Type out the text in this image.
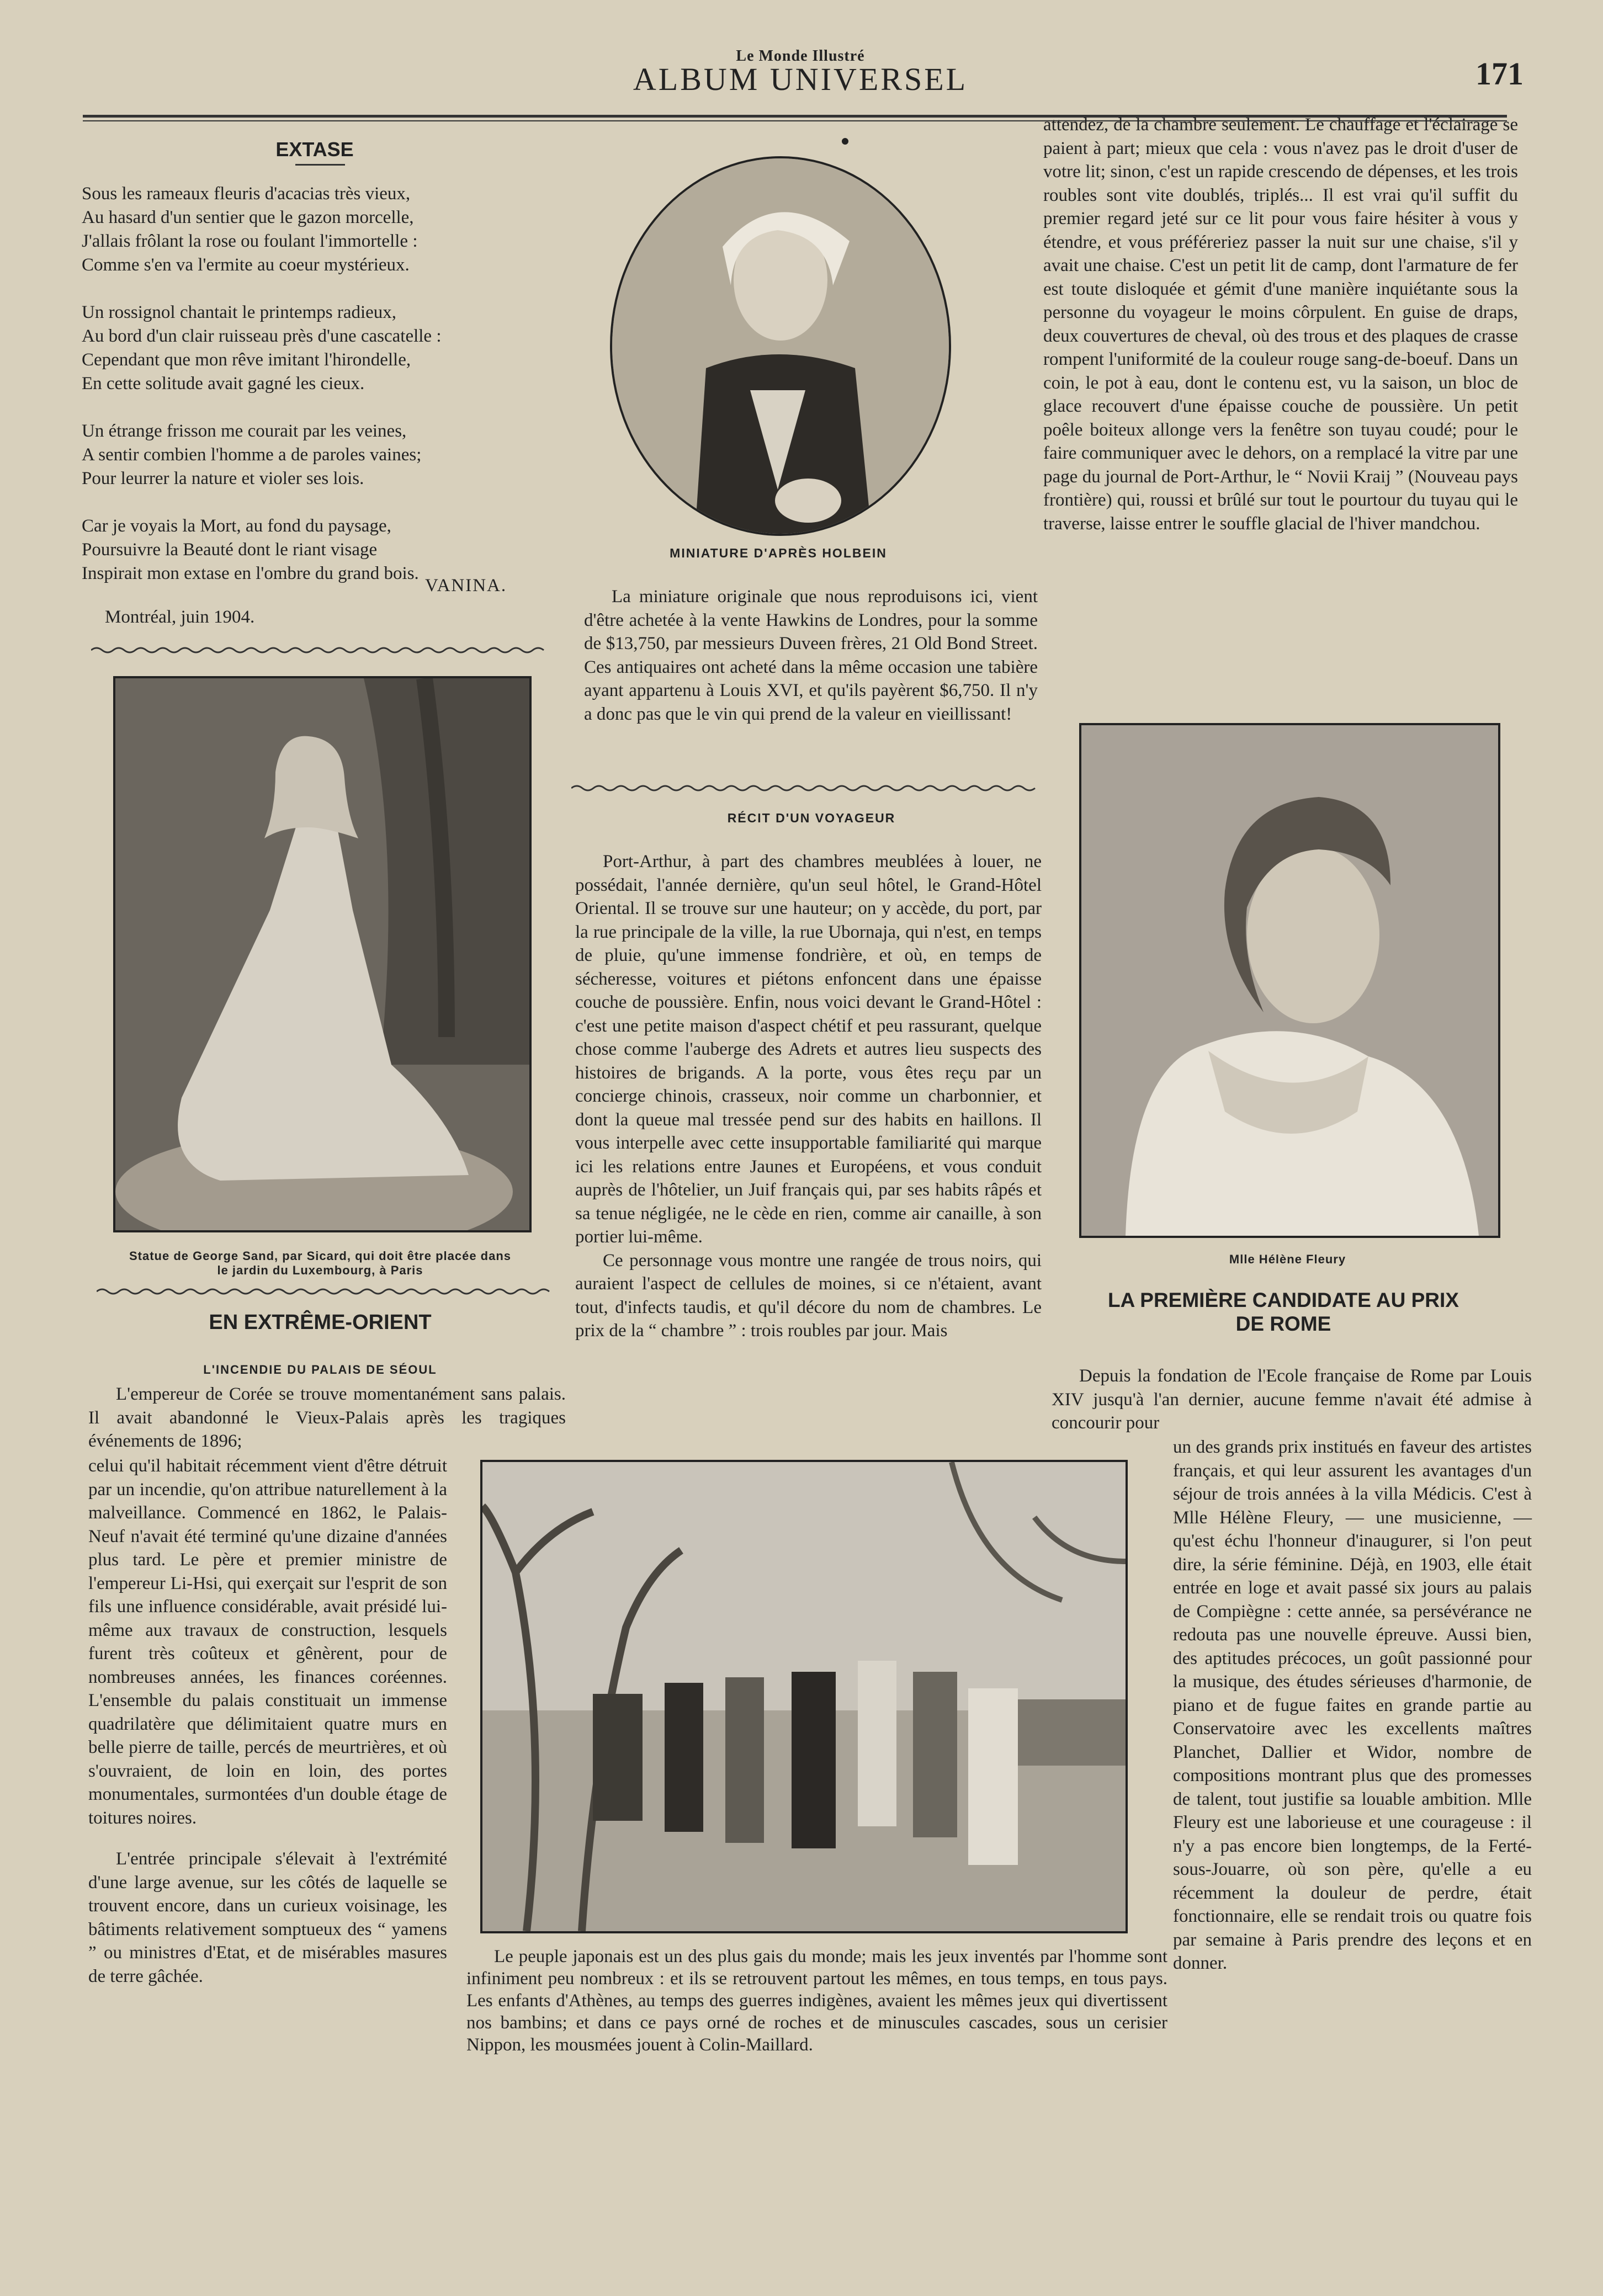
Le Monde Illustré
ALBUM UNIVERSEL	171
EXTASE
Sous les rameaux fleuris d'acacias très vieux,
Au hasard d'un sentier que le gazon morcelle,
J'allais frôlant la rose ou foulant l'immortelle :
Comme s'en va l'ermite au coeur mystérieux.
Un rossignol chantait le printemps radieux,
Au bord d'un clair ruisseau près d'une cascatelle :
Cependant que mon rêve imitant l'hirondelle,
En cette solitude avait gagné les cieux.
Un étrange frisson me courait par les veines,
A sentir combien l'homme a de paroles vaines;
Pour leurrer la nature et violer ses lois.
Car je voyais la Mort, au fond du paysage,
Poursuivre la Beauté dont le riant visage
Inspirait mon extase en l'ombre du grand bois.
VANINA.
Montréal, juin 1904.
Statue de George Sand, par Sicard, qui doit être placée dans
le jardin du Luxembourg, à Paris
EN EXTRÊME-ORIENT
L'INCENDIE DU PALAIS DE SÉOUL

L'empereur de Corée se trouve momentanément sans palais. Il avait abandonné le Vieux-Palais après les tragiques événements de 1896;

celui qu'il habitait récemment vient d'être détruit par un incendie, qu'on attribue naturellement à la malveillance. Commencé en 1862, le Palais-Neuf n'avait été terminé qu'une dizaine d'années plus tard. Le père et premier ministre de l'empereur Li-Hsi, qui exerçait sur l'esprit de son fils une influence considérable, avait présidé lui-même aux travaux de construction, lesquels furent très coûteux et gênèrent, pour de nombreuses années, les finances coréennes. L'ensemble du palais constituait un immense quadrilatère que délimitaient quatre murs en belle pierre de taille, percés de meurtrières, et où s'ouvraient, de loin en loin, des portes monumentales, surmontées d'un double étage de toitures noires.

L'entrée principale s'élevait à l'extrémité d'une large avenue, sur les côtés de laquelle se trouvent encore, dans un curieux voisinage, les bâtiments relativement somptueux des “ yamens ” ou ministres d'Etat, et de misérables masures de terre gâchée.

MINIATURE D'APRÈS HOLBEIN

La miniature originale que nous reproduisons ici, vient d'être achetée à la vente Hawkins de Londres, pour la somme de $13,750, par messieurs Duveen frères, 21 Old Bond Street. Ces antiquaires ont acheté dans la même occasion une tabière ayant appartenu à Louis XVI, et qu'ils payèrent $6,750. Il n'y a donc pas que le vin qui prend de la valeur en vieillissant!

RÉCIT D'UN VOYAGEUR

Port-Arthur, à part des chambres meublées à louer, ne possédait, l'année dernière, qu'un seul hôtel, le Grand-Hôtel Oriental. Il se trouve sur une hauteur; on y accède, du port, par la rue principale de la ville, la rue Ubornaja, qui n'est, en temps de pluie, qu'une immense fondrière, et où, en temps de sécheresse, voitures et piétons enfoncent dans une épaisse couche de poussière. Enfin, nous voici devant le Grand-Hôtel : c'est une petite maison d'aspect chétif et peu rassurant, quelque chose comme l'auberge des Adrets et autres lieu suspects des histoires de brigands. A la porte, vous êtes reçu par un concierge chinois, crasseux, noir comme un charbonnier, et dont la queue mal tressée pend sur des habits en haillons. Il vous interpelle avec cette insupportable familiarité qui marque ici les relations entre Jaunes et Européens, et vous conduit auprès de l'hôtelier, un Juif français qui, par ses habits râpés et sa tenue négligée, ne le cède en rien, comme air canaille, à son portier lui-même.

Ce personnage vous montre une rangée de trous noirs, qui auraient l'aspect de cellules de moines, si ce n'étaient, avant tout, d'infects taudis, et qu'il décore du nom de chambres. Le prix de la “ chambre ” : trois roubles par jour. Mais

attendez, de la chambre seulement. Le chauffage et l'éclairage se paient à part; mieux que cela : vous n'avez pas le droit d'user de votre lit; sinon, c'est un rapide crescendo de dépenses, et les trois roubles sont vite doublés, triplés... Il est vrai qu'il suffit du premier regard jeté sur ce lit pour vous faire hésiter à vous y étendre, et vous préféreriez passer la nuit sur une chaise, s'il y avait une chaise. C'est un petit lit de camp, dont l'armature de fer est toute disloquée et gémit d'une manière inquiétante sous la personne du voyageur le moins côrpulent. En guise de draps, deux couvertures de cheval, où des trous et des plaques de crasse rompent l'uniformité de la couleur rouge sang-de-boeuf. Dans un coin, le pot à eau, dont le contenu est, vu la saison, un bloc de glace recouvert d'une épaisse couche de poussière. Un petit poêle boiteux allonge vers la fenêtre son tuyau coudé; pour le faire communiquer avec le dehors, on a remplacé la vitre par une page du journal de Port-Arthur, le “ Novii Kraij ” (Nouveau pays frontière) qui, roussi et brûlé sur tout le pourtour du tuyau qui le traverse, laisse entrer le souffle glacial de l'hiver mandchou.

Mlle Hélène Fleury
LA PREMIÈRE CANDIDATE AU PRIX
DE ROME

Depuis la fondation de l'Ecole française de Rome par Louis XIV jusqu'à l'an dernier, aucune femme n'avait été admise à concourir pour

un des grands prix institués en faveur des artistes français, et qui leur assurent les avantages d'un séjour de trois années à la villa Médicis. C'est à Mlle Hélène Fleury, — une musicienne, — qu'est échu l'honneur d'inaugurer, si l'on peut dire, la série féminine. Déjà, en 1903, elle était entrée en loge et avait passé six jours au palais de Compiègne : cette année, sa persévérance ne redouta pas une nouvelle épreuve. Aussi bien, des aptitudes précoces, un goût passionné pour la musique, des études sérieuses d'harmonie, de piano et de fugue faites en grande partie au Conservatoire avec les excellents maîtres Planchet, Dallier et Widor, nombre de compositions montrant plus que des promesses de talent, tout justifie sa louable ambition. Mlle Fleury est une laborieuse et une courageuse : il n'y a pas encore bien longtemps, de la Ferté-sous-Jouarre, où son père, qu'elle a eu récemment la douleur de perdre, était fonctionnaire, elle se rendait trois ou quatre fois par semaine à Paris prendre des leçons et en donner.

Le peuple japonais est un des plus gais du monde; mais les jeux inventés par l'homme sont infiniment peu nombreux : et ils se retrouvent partout les mêmes, en tous temps, en tous pays. Les enfants d'Athènes, au temps des guerres indigènes, avaient les mêmes jeux qui divertissent nos bambins; et dans ce pays orné de roches et de minuscules cascades, sous un cerisier Nippon, les mousmées jouent à Colin-Maillard.
